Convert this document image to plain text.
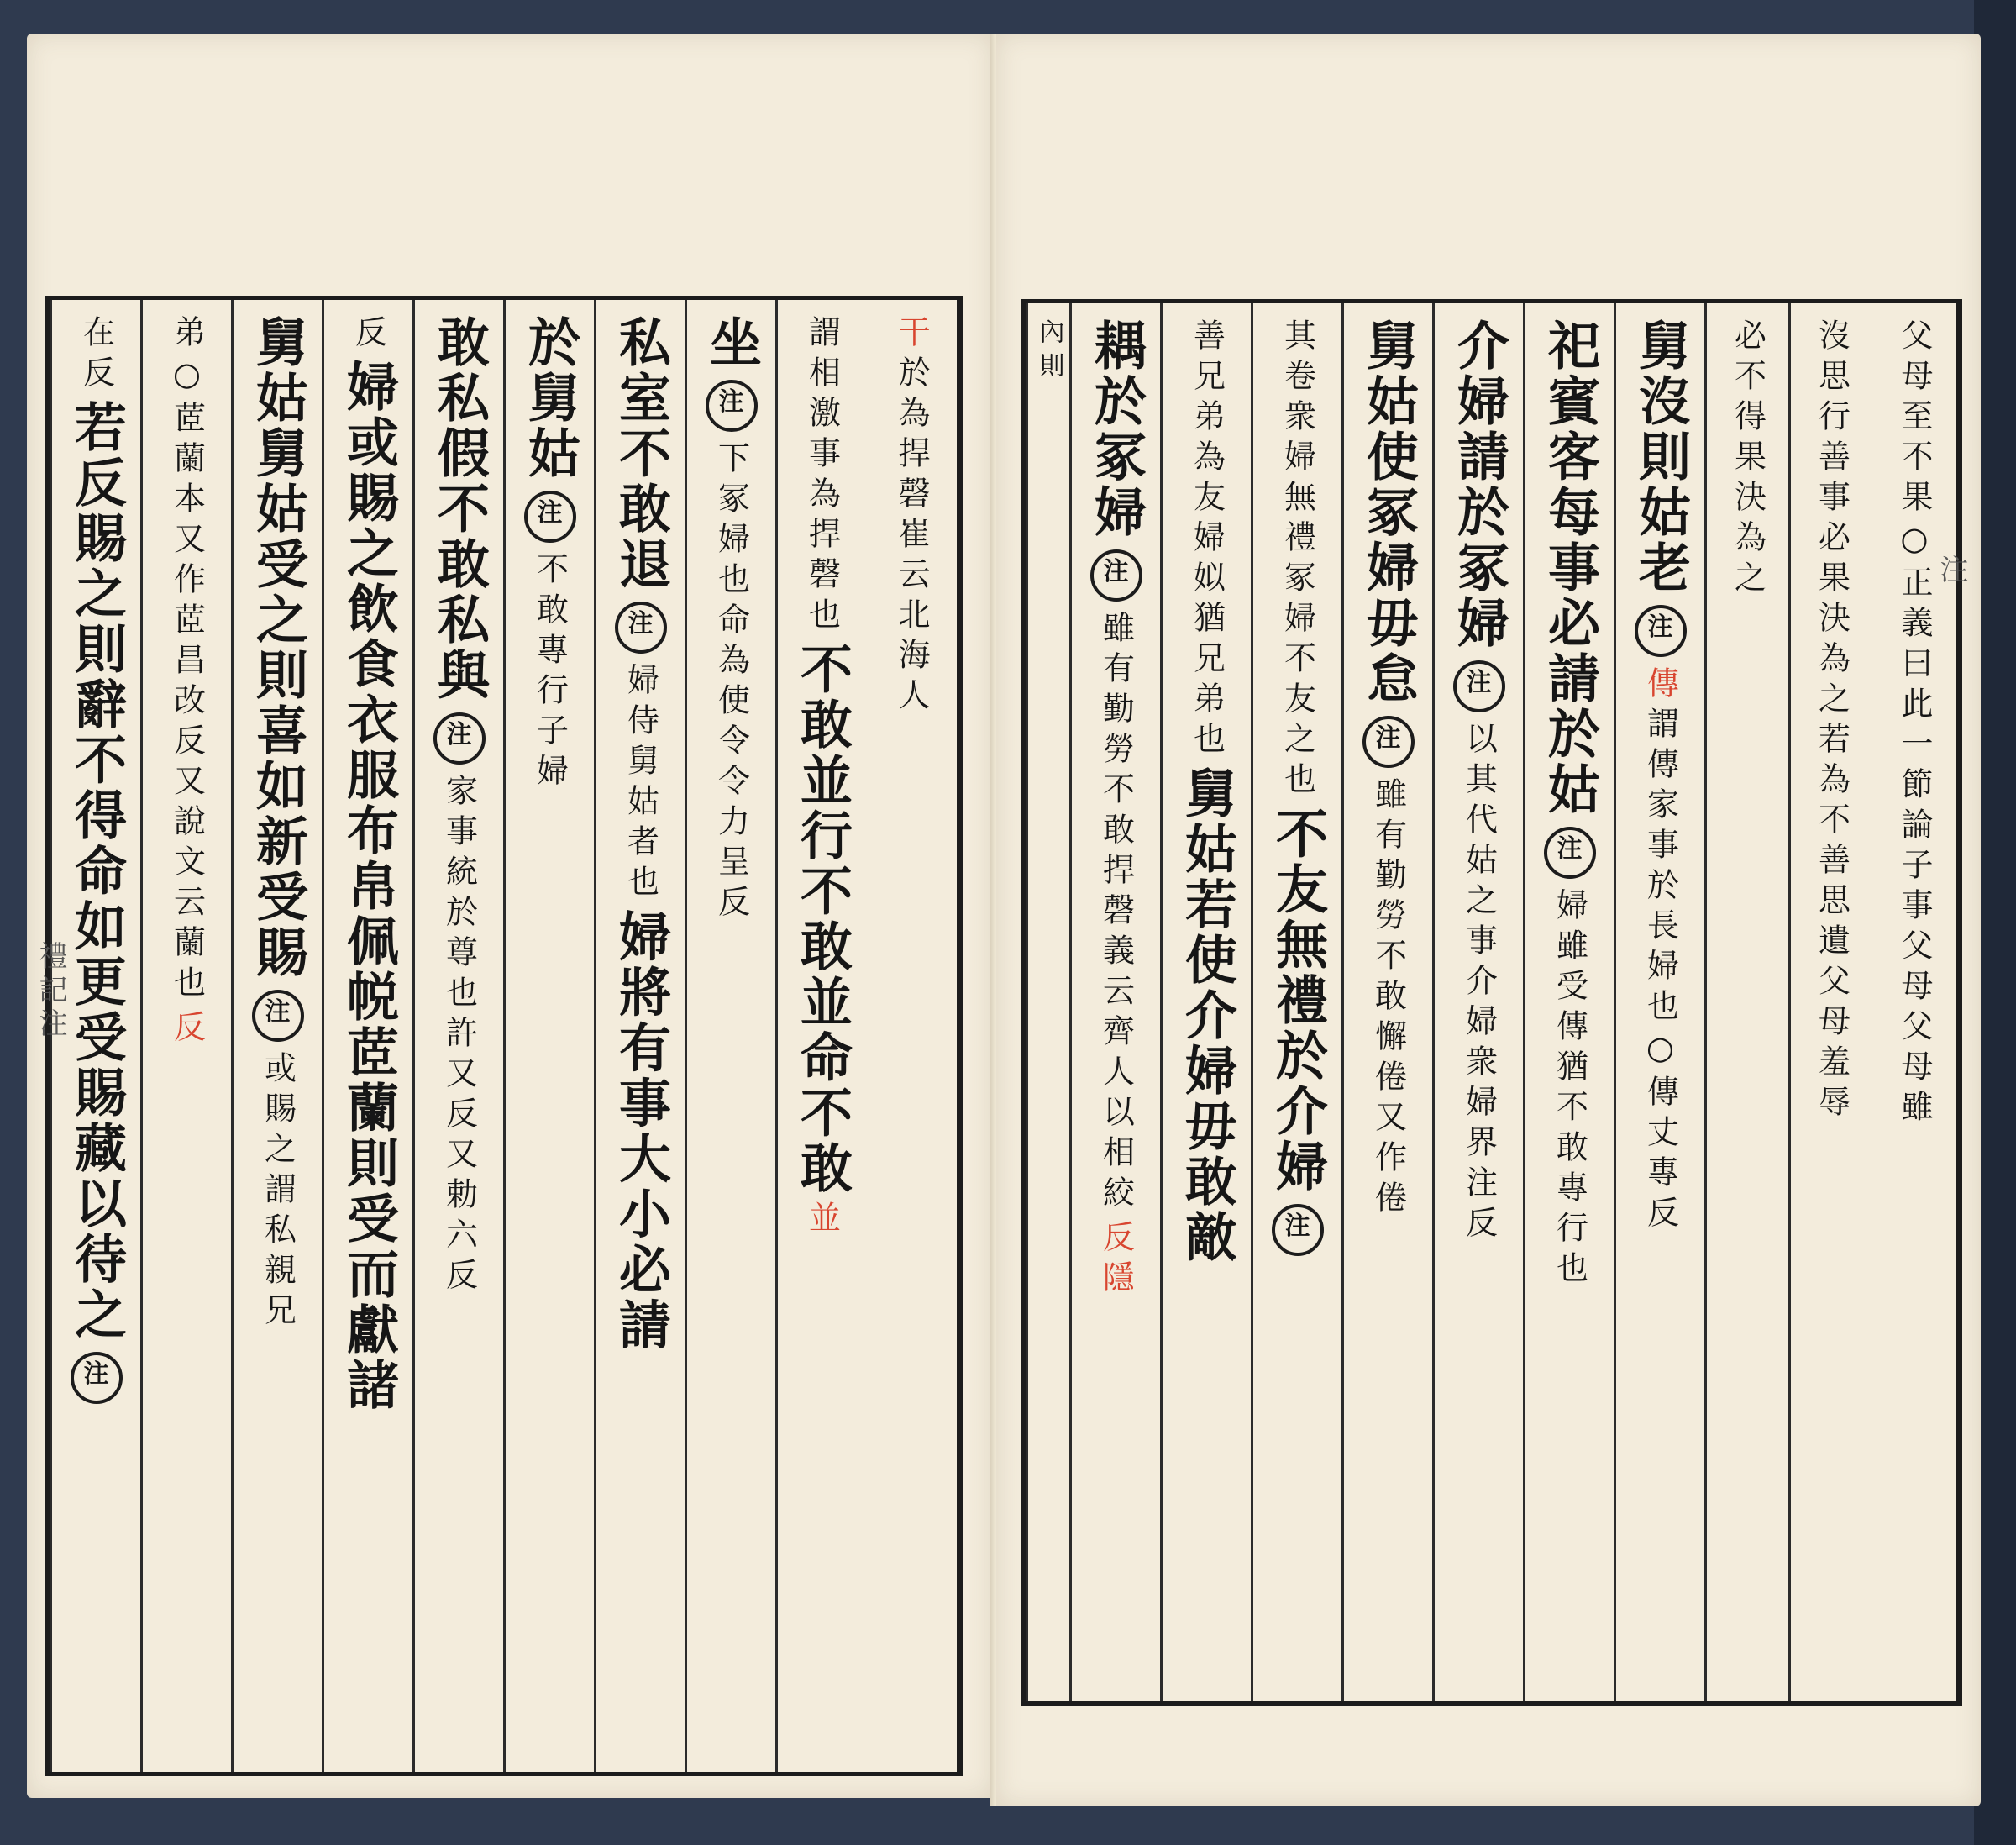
干於為捍磬崔云北海人
謂相激事為捍磬也 不敢並行不敢並命不敢 並
坐 注 下冢婦也命為使令令力呈反
私室不敢退 注 婦侍舅姑者也 婦將有事大小必請
於舅姑 注 不敢專行子婦
敢私假不敢私與 注 家事統於尊也許又反又勅六反
反 婦或賜之飲食衣服布帛佩帨茝蘭則受而獻諸
舅姑舅姑受之則喜如新受賜 注 或賜之謂私親兄
弟○茝蘭本又作茝昌改反又說文云蘭也 反
在反 若反賜之則辭不得命如更受賜藏以待之 注
禮記注	父母至不果○正義曰此一節論子事父母父母雖
沒思行善事必果決為之若為不善思遺父母羞辱
必不得果決為之
舅沒則姑老 注 傳謂傳家事於長婦也○傳丈專反
祀賓客每事必請於姑 注 婦雖受傳猶不敢專行也
介婦請於冢婦 注 以其代姑之事介婦衆婦界注反
舅姑使冢婦毋怠 注 雖有勤勞不敢懈倦又作倦
其卷衆婦無禮冢婦不友之也 不友無禮於介婦 注
善兄弟為友婦姒猶兄弟也 舅姑若使介婦毋敢敵
耦於冢婦 注 雖有勤勞不敢捍磬義云齊人以相絞 反隱
內則
注
